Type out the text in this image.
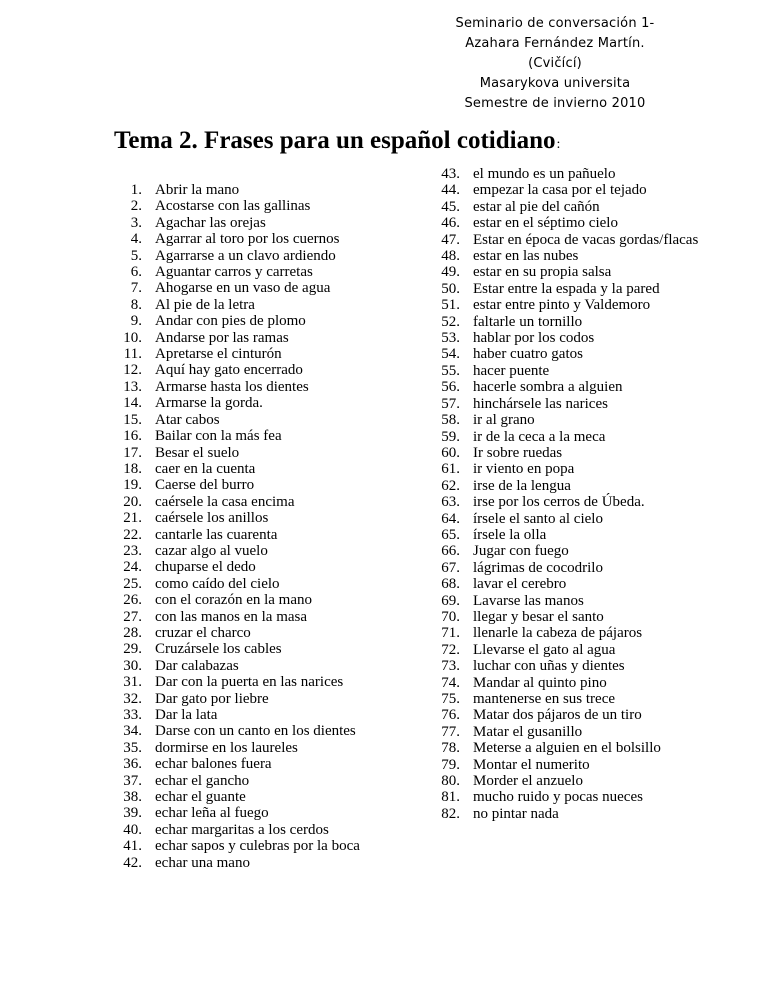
Seminario de conversación 1-
Azahara Fernández Martín. (Cvičící)
Masarykova universita
Semestre de invierno 2010
Tema 2. Frases para un español cotidiano:
1. Abrir la mano
2. Acostarse con las gallinas
3. Agachar las orejas
4. Agarrar al toro por los cuernos
5. Agarrarse a un clavo ardiendo
6. Aguantar carros y carretas
7. Ahogarse en un vaso de agua
8. Al pie de la letra
9. Andar con pies de plomo
10. Andarse por las ramas
11. Apretarse el cinturón
12. Aquí hay gato encerrado
13. Armarse hasta los dientes
14. Armarse la gorda.
15. Atar cabos
16. Bailar con la más fea
17. Besar el suelo
18. caer en la cuenta
19. Caerse del burro
20. caérsele la casa encima
21. caérsele los anillos
22. cantarle las cuarenta
23. cazar algo al vuelo
24. chuparse el dedo
25. como caído del cielo
26. con el corazón en la mano
27. con las manos en la masa
28. cruzar el charco
29. Cruzársele los cables
30. Dar calabazas
31. Dar con la puerta en las narices
32. Dar gato por liebre
33. Dar la lata
34. Darse con un canto en los dientes
35. dormirse en los laureles
36. echar balones fuera
37. echar el gancho
38. echar el guante
39. echar leña al fuego
40. echar margaritas a los cerdos
41. echar sapos y culebras por la boca
42. echar una mano
43. el mundo es un pañuelo
44. empezar la casa por el tejado
45. estar al pie del cañón
46. estar en el séptimo cielo
47. Estar en época de vacas gordas/flacas
48. estar en las nubes
49. estar en su propia salsa
50. Estar entre la espada y la pared
51. estar entre pinto y Valdemoro
52. faltarle un tornillo
53. hablar por los codos
54. haber cuatro gatos
55. hacer puente
56. hacerle sombra a alguien
57. hinchársele las narices
58. ir al grano
59. ir de la ceca a la meca
60. Ir sobre ruedas
61. ir viento en popa
62. irse de la lengua
63. irse por los cerros de Úbeda.
64. írsele el santo al cielo
65. írsele la olla
66. Jugar con fuego
67. lágrimas de cocodrilo
68. lavar el cerebro
69. Lavarse las manos
70. llegar y besar el santo
71. llenarle la cabeza de pájaros
72. Llevarse el gato al agua
73. luchar con uñas y dientes
74. Mandar al quinto pino
75. mantenerse en sus trece
76. Matar dos pájaros de un tiro
77. Matar el gusanillo
78. Meterse a alguien en el bolsillo
79. Montar el numerito
80. Morder el anzuelo
81. mucho ruido y pocas nueces
82. no pintar nada
